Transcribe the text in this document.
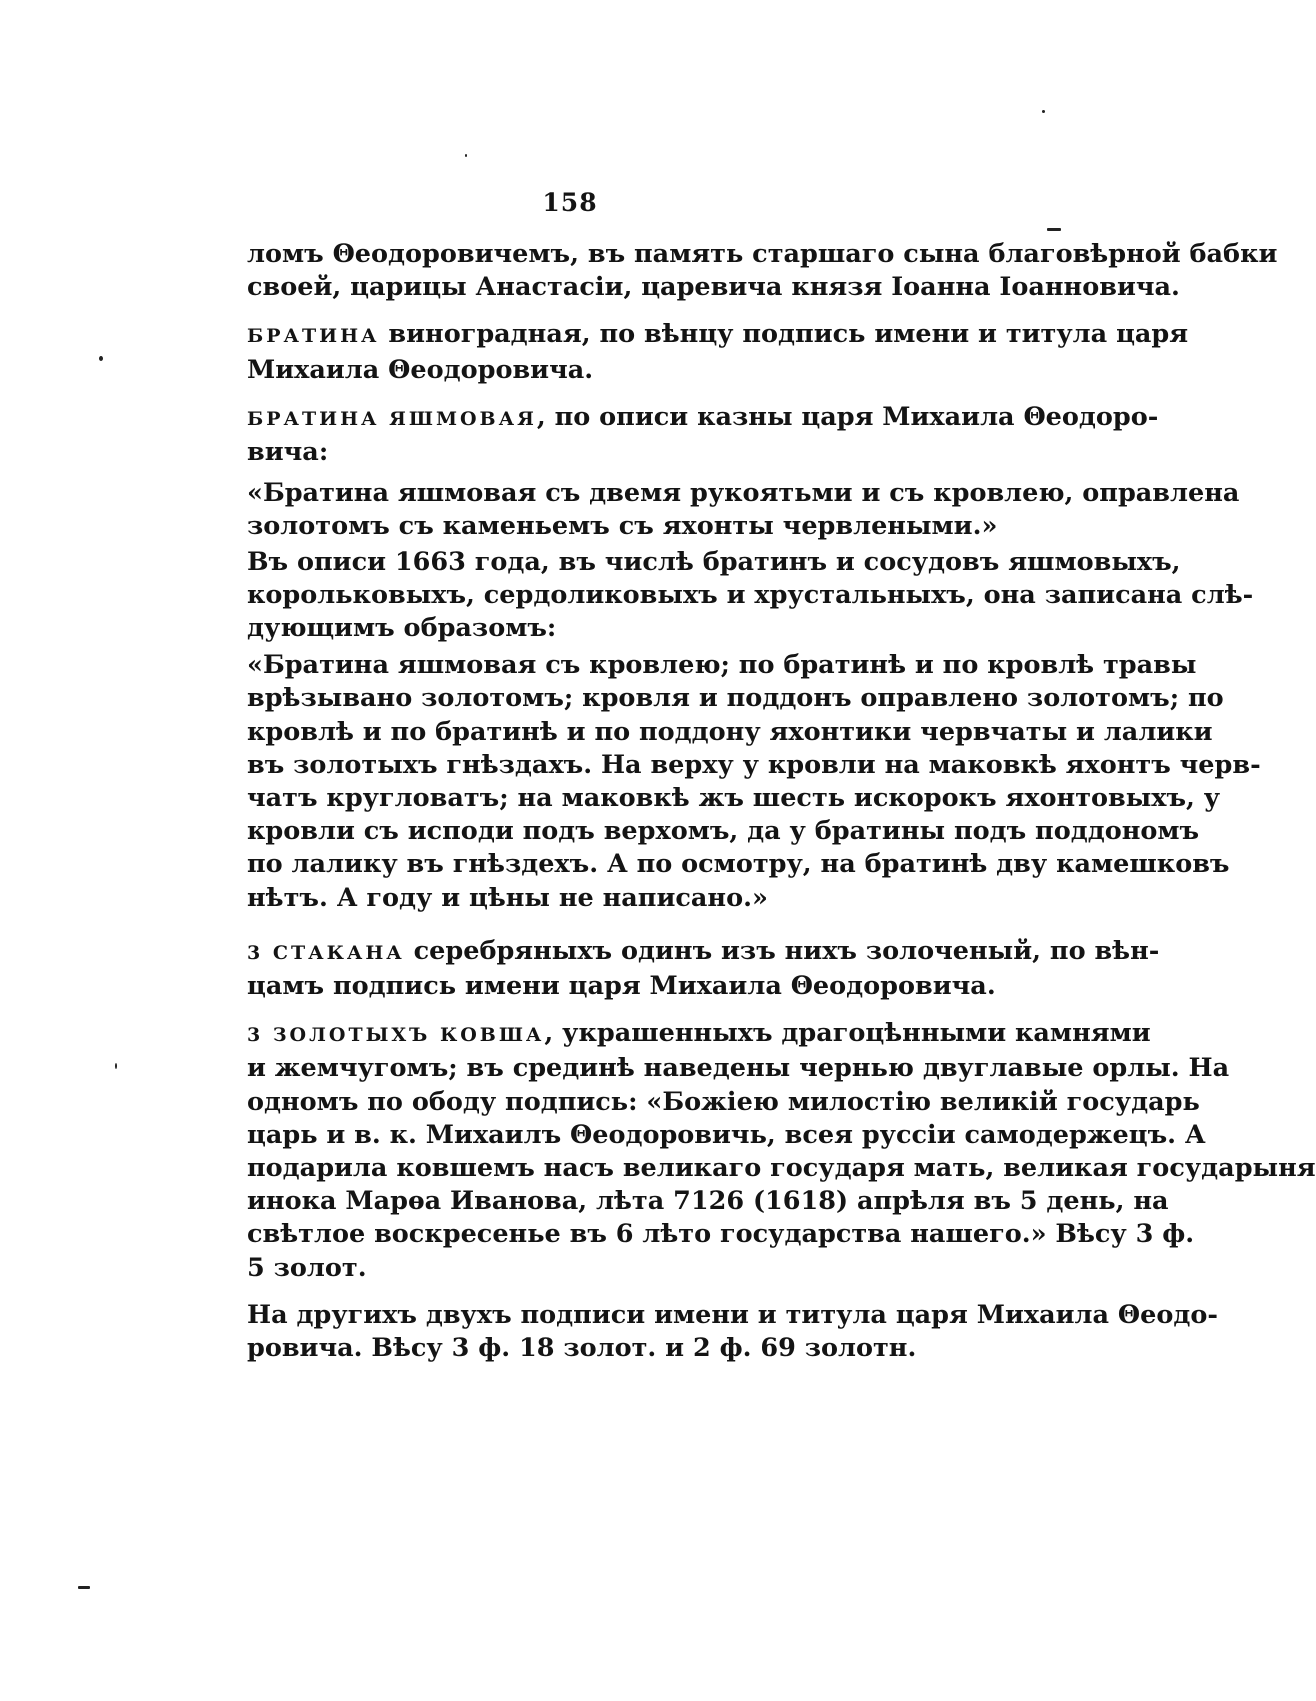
158
ломъ Θеодоровичемъ, въ память старшаго сына благовѣрной бабки
своей, царицы Анастасіи, царевича князя Іоанна Іоанновича.
БРАТИНА виноградная, по вѣнцу подпись имени и титула царя
Михаила Θеодоровича.
БРАТИНА ЯШМОВАЯ, по описи казны царя Михаила Θеодоро-
вича:
«Братина яшмовая съ двемя рукоятьми и съ кровлею, оправлена
золотомъ съ каменьемъ съ яхонты червлеными.»
Въ описи 1663 года, въ числѣ братинъ и сосудовъ яшмовыхъ,
корольковыхъ, сердоликовыхъ и хрустальныхъ, она записана слѣ-
дующимъ образомъ:
«Братина яшмовая съ кровлею; по братинѣ и по кровлѣ травы
врѣзывано золотомъ; кровля и поддонъ оправлено золотомъ; по
кровлѣ и по братинѣ и по поддону яхонтики червчаты и лалики
въ золотыхъ гнѣздахъ. На верху у кровли на маковкѣ яхонтъ черв-
чатъ кругловатъ; на маковкѣ жъ шесть искорокъ яхонтовыхъ, у
кровли съ исподи подъ верхомъ, да у братины подъ поддономъ
по лалику въ гнѣздехъ. А по осмотру, на братинѣ дву камешковъ
нѣтъ. А году и цѣны не написано.»
3 СТАКАНА серебряныхъ одинъ изъ нихъ золоченый, по вѣн-
цамъ подпись имени царя Михаила Θеодоровича.
3 ЗОЛОТЫХЪ КОВША, украшенныхъ драгоцѣнными камнями
и жемчугомъ; въ срединѣ наведены чернью двуглавые орлы. На
одномъ по ободу подпись: «Божіею милостію великій государь
царь и в. к. Михаилъ Θеодоровичь, всея руссіи самодержецъ. А
подарила ковшемъ насъ великаго государя мать, великая государыня
инока Марѳа Иванова, лѣта 7126 (1618) апрѣля въ 5 день, на
свѣтлое воскресенье въ 6 лѣто государства нашего.» Вѣсу 3 ф.
5 золот.
На другихъ двухъ подписи имени и титула царя Михаила Θеодо-
ровича. Вѣсу 3 ф. 18 золот. и 2 ф. 69 золотн.
